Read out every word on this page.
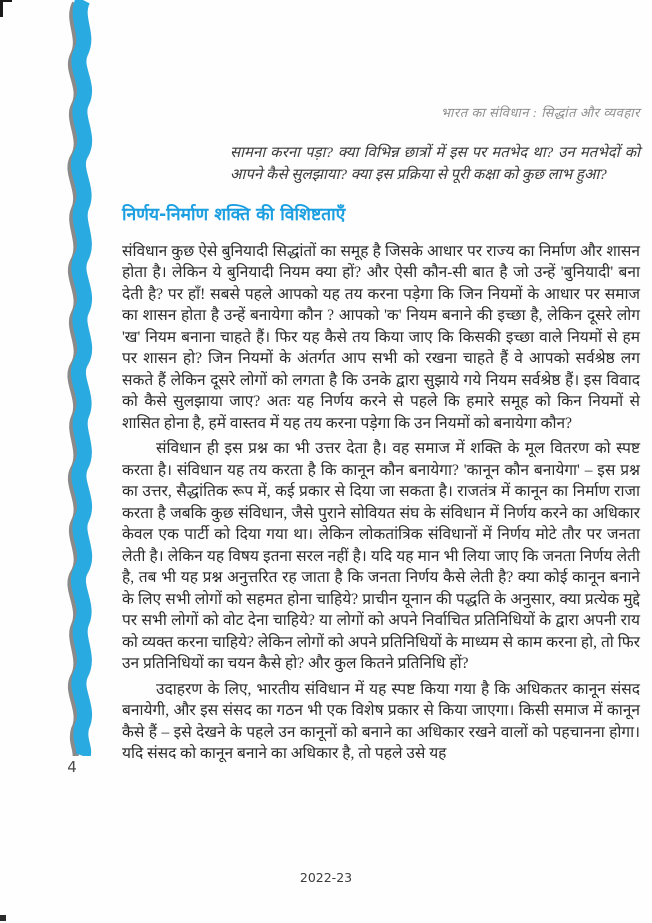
4
भारत का संविधान : सिद्धांत और व्यवहार
सामना करना पड़ा? क्या विभिन्न छात्रों में इस पर मतभेद था? उन मतभेदों को आपने कैसे सुलझाया? क्या इस प्रक्रिया से पूरी कक्षा को कुछ लाभ हुआ?
निर्णय-निर्माण शक्ति की विशिष्टताएँ

संविधान कुछ ऐसे बुनियादी सिद्धांतों का समूह है जिसके आधार पर राज्य का निर्माण और शासन होता है। लेकिन ये बुनियादी नियम क्या हों? और ऐसी कौन-सी बात है जो उन्हें 'बुनियादी' बना देती है? पर हाँ! सबसे पहले आपको यह तय करना पड़ेगा कि जिन नियमों के आधार पर समाज का शासन होता है उन्हें बनायेगा कौन ? आपको 'क' नियम बनाने की इच्छा है, लेकिन दूसरे लोग 'ख' नियम बनाना चाहते हैं। फिर यह कैसे तय किया जाए कि किसकी इच्छा वाले नियमों से हम पर शासन हो? जिन नियमों के अंतर्गत आप सभी को रखना चाहते हैं वे आपको सर्वश्रेष्ठ लग सकते हैं लेकिन दूसरे लोगों को लगता है कि उनके द्वारा सुझाये गये नियम सर्वश्रेष्ठ हैं। इस विवाद को कैसे सुलझाया जाए? अतः यह निर्णय करने से पहले कि हमारे समूह को किन नियमों से शासित होना है, हमें वास्तव में यह तय करना पड़ेगा कि उन नियमों को बनायेगा कौन?

संविधान ही इस प्रश्न का भी उत्तर देता है। वह समाज में शक्ति के मूल वितरण को स्पष्ट करता है। संविधान यह तय करता है कि कानून कौन बनायेगा? 'कानून कौन बनायेगा' – इस प्रश्न का उत्तर, सैद्धांतिक रूप में, कई प्रकार से दिया जा सकता है। राजतंत्र में कानून का निर्माण राजा करता है जबकि कुछ संविधान, जैसे पुराने सोवियत संघ के संविधान में निर्णय करने का अधिकार केवल एक पार्टी को दिया गया था। लेकिन लोकतांत्रिक संविधानों में निर्णय मोटे तौर पर जनता लेती है। लेकिन यह विषय इतना सरल नहीं है। यदि यह मान भी लिया जाए कि जनता निर्णय लेती है, तब भी यह प्रश्न अनुत्तरित रह जाता है कि जनता निर्णय कैसे लेती है? क्या कोई कानून बनाने के लिए सभी लोगों को सहमत होना चाहिये? प्राचीन यूनान की पद्धति के अनुसार, क्या प्रत्येक मुद्दे पर सभी लोगों को वोट देना चाहिये? या लोगों को अपने निर्वाचित प्रतिनिधियों के द्वारा अपनी राय को व्यक्त करना चाहिये? लेकिन लोगों को अपने प्रतिनिधियों के माध्यम से काम करना हो, तो फिर उन प्रतिनिधियों का चयन कैसे हो? और कुल कितने प्रतिनिधि हों?

उदाहरण के लिए, भारतीय संविधान में यह स्पष्ट किया गया है कि अधिकतर कानून संसद बनायेगी, और इस संसद का गठन भी एक विशेष प्रकार से किया जाएगा। किसी समाज में कानून कैसे हैं – इसे देखने के पहले उन कानूनों को बनाने का अधिकार रखने वालों को पहचानना होगा। यदि संसद को कानून बनाने का अधिकार है, तो पहले उसे यह

2022-23
